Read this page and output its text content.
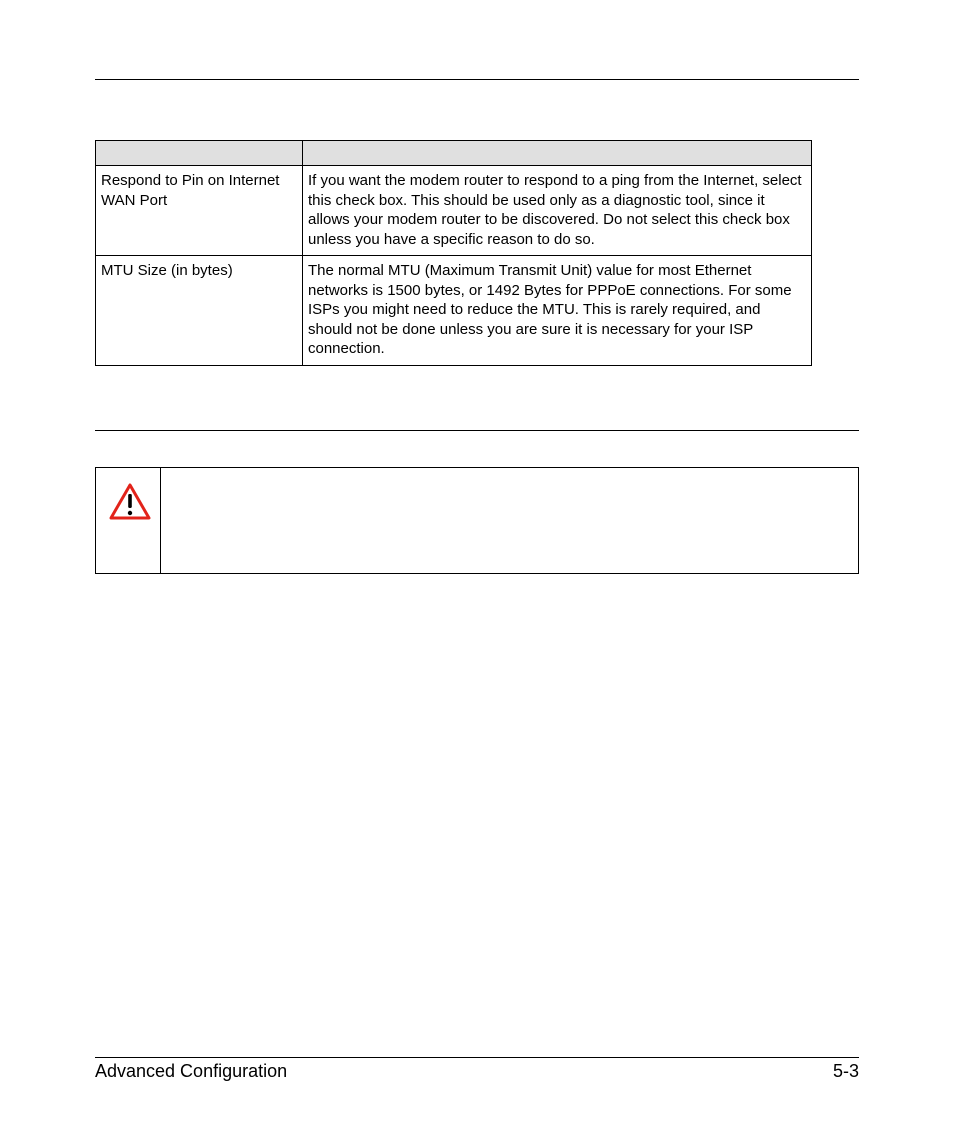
Respond to Pin on Internet WAN Port	If you want the modem router to respond to a ping from the Internet, select this check box. This should be used only as a diagnostic tool, since it allows your modem router to be discovered. Do not select this check box unless you have a specific reason to do so.
MTU Size (in bytes)	The normal MTU (Maximum Transmit Unit) value for most Ethernet networks is 1500 bytes, or 1492 Bytes for PPPoE connections. For some ISPs you might need to reduce the MTU. This is rarely required, and should not be done unless you are sure it is necessary for your ISP connection.
Advanced Configuration	5-3
